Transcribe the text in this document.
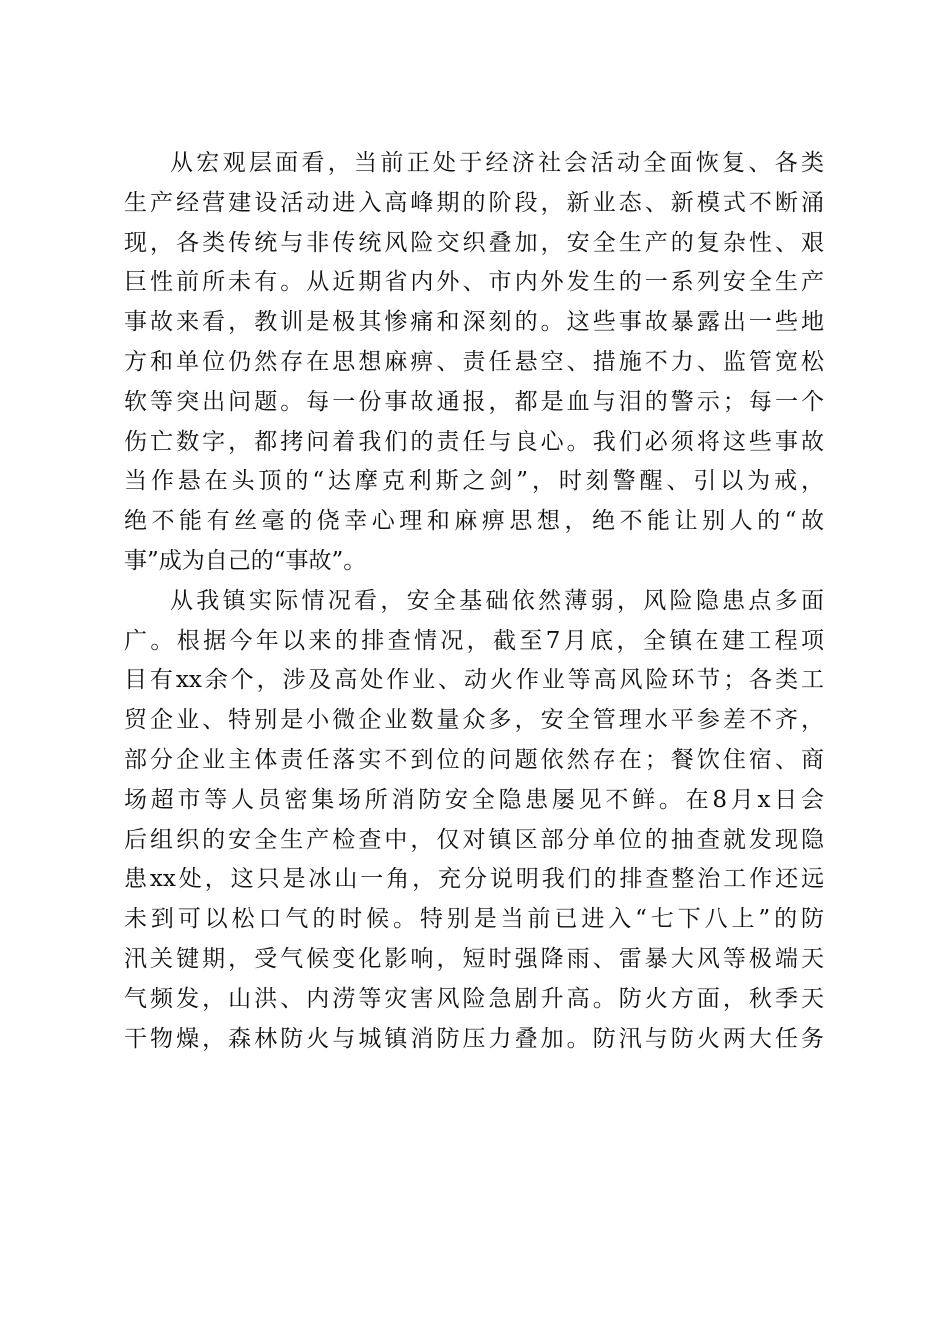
从宏观层面看，当前正处于经济社会活动全面恢复、各类
生产经营建设活动进入高峰期的阶段，新业态、新模式不断涌
现，各类传统与非传统风险交织叠加，安全生产的复杂性、艰
巨性前所未有。从近期省内外、市内外发生的一系列安全生产
事故来看，教训是极其惨痛和深刻的。这些事故暴露出一些地
方和单位仍然存在思想麻痹、责任悬空、措施不力、监管宽松
软等突出问题。每一份事故通报，都是血与泪的警示；每一个
伤亡数字，都拷问着我们的责任与良心。我们必须将这些事故
当作悬在头顶的“达摩克利斯之剑”，时刻警醒、引以为戒，
绝不能有丝毫的侥幸心理和麻痹思想，绝不能让别人的“故
事”成为自己的“事故”。
从我镇实际情况看，安全基础依然薄弱，风险隐患点多面
广。根据今年以来的排查情况，截至7月底，全镇在建工程项
目有xx余个，涉及高处作业、动火作业等高风险环节；各类工
贸企业、特别是小微企业数量众多，安全管理水平参差不齐，
部分企业主体责任落实不到位的问题依然存在；餐饮住宿、商
场超市等人员密集场所消防安全隐患屡见不鲜。在8月x日会
后组织的安全生产检查中，仅对镇区部分单位的抽查就发现隐
患xx处，这只是冰山一角，充分说明我们的排查整治工作还远
未到可以松口气的时候。特别是当前已进入“七下八上”的防
汛关键期，受气候变化影响，短时强降雨、雷暴大风等极端天
气频发，山洪、内涝等灾害风险急剧升高。防火方面，秋季天
干物燥，森林防火与城镇消防压力叠加。防汛与防火两大任务
